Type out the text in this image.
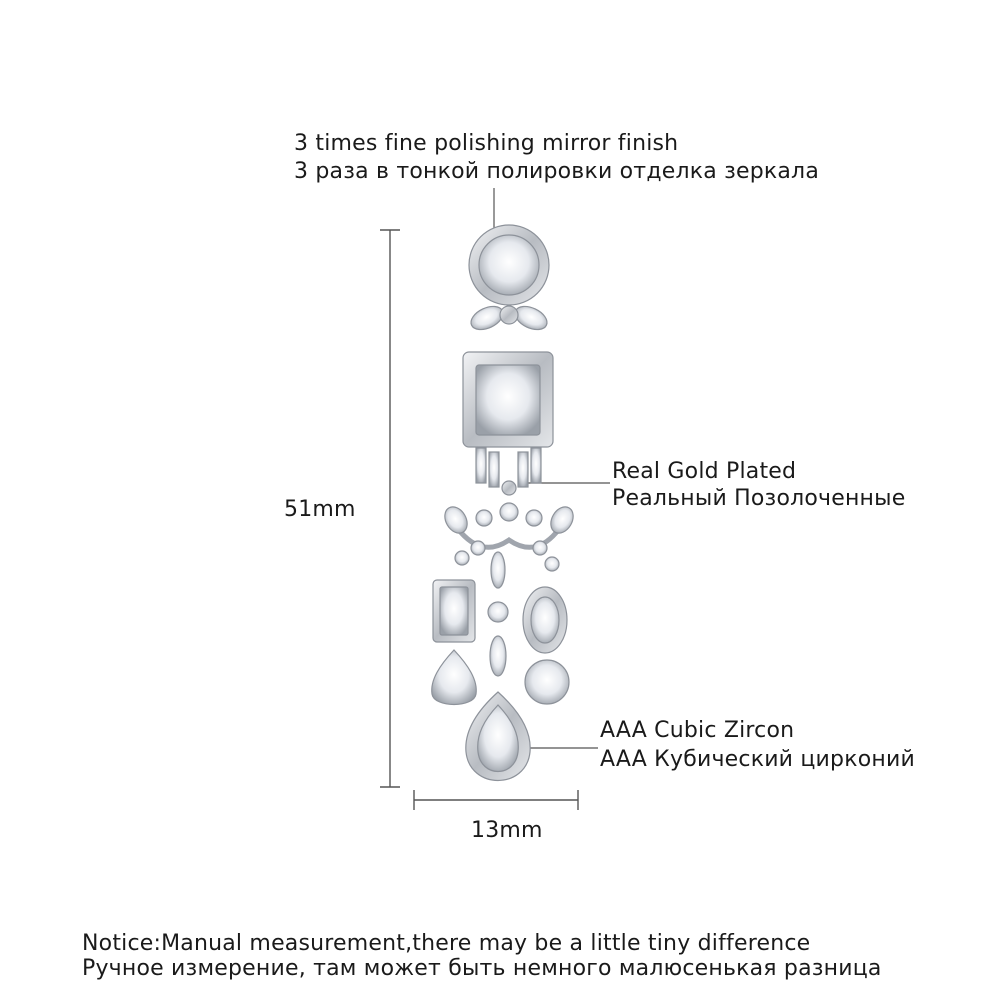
3 times fine polishing mirror finish
3 раза в тонкой полировки отделка зеркала
Real Gold Plated
Реальный Позолоченные
AAA Cubic Zircon
AAA Кубический цирконий
51mm
13mm
Notice:Manual measurement,there may be a little tiny difference
Ручное измерение, там может быть немного малюсенькая разница
